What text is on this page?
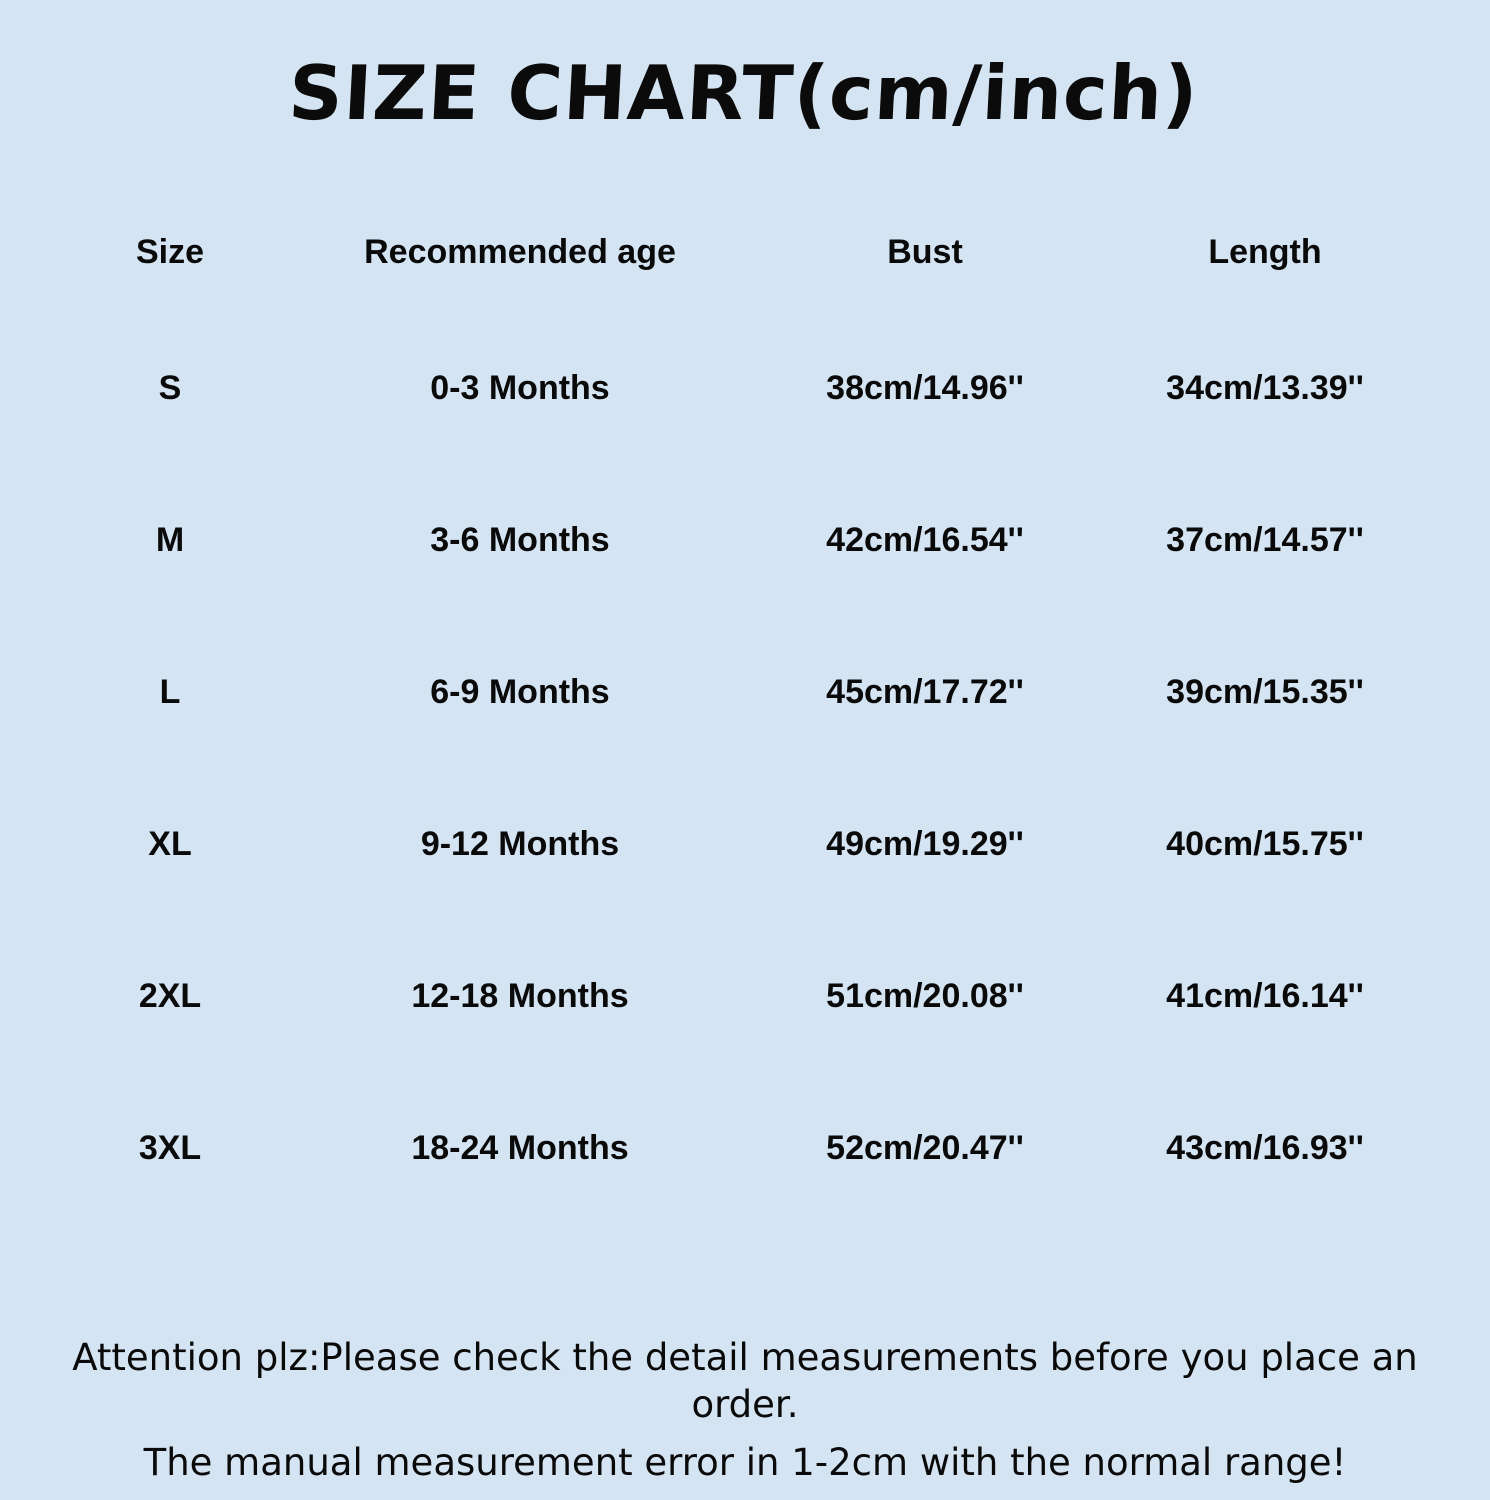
SIZE CHART(cm/inch)
Size	Recommended age	Bust	Length
S	0-3 Months	38cm/14.96''	34cm/13.39''
M	3-6 Months	42cm/16.54''	37cm/14.57''
L	6-9 Months	45cm/17.72''	39cm/15.35''
XL	9-12 Months	49cm/19.29''	40cm/15.75''
2XL	12-18 Months	51cm/20.08''	41cm/16.14''
3XL	18-24 Months	52cm/20.47''	43cm/16.93''

Attention plz:Please check the detail measurements before you place an order.

The manual measurement error in 1-2cm with the normal range!
